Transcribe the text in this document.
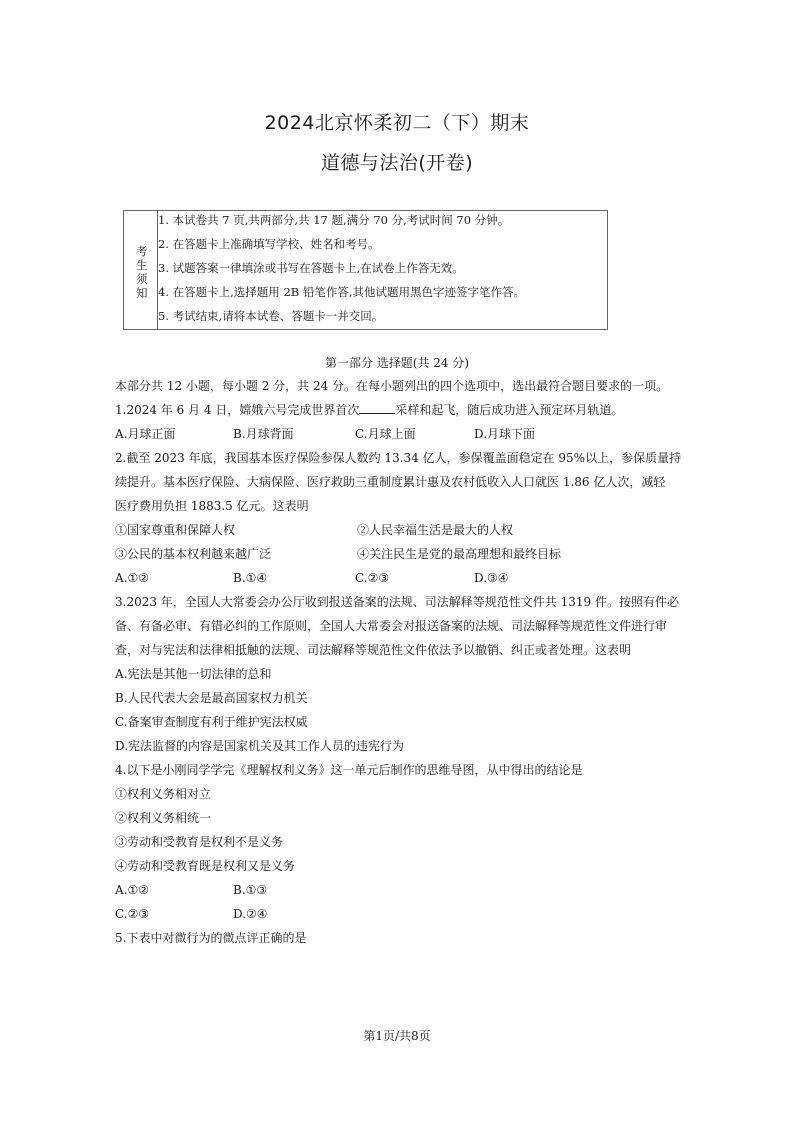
2024北京怀柔初二（下）期末
道德与法治(开卷)
考
生
须
知
1. 本试卷共 7 页,共两部分,共 17 题,满分 70 分,考试时间 70 分钟。
2. 在答题卡上准确填写学校、姓名和考号。
3. 试题答案一律填涂或书写在答题卡上,在试卷上作答无效。
4. 在答题卡上,选择题用 2B 铅笔作答,其他试题用黑色字迹签字笔作答。
5. 考试结束,请将本试卷、答题卡一并交回。
第一部分 选择题(共 24 分)
本部分共 12 小题，每小题 2 分，共 24 分。在每小题列出的四个选项中，选出最符合题目要求的一项。
1.2024 年 6 月 4 日，嫦娥六号完成世界首次	采样和起飞，随后成功进入预定环月轨道。
A.月球正面	B.月球背面	C.月球上面	D.月球下面
2.截至 2023 年底，我国基本医疗保险参保人数约 13.34 亿人，参保覆盖面稳定在 95%以上，参保质量持
续提升。基本医疗保险、大病保险、医疗救助三重制度累计惠及农村低收入人口就医 1.86 亿人次，减轻
医疗费用负担 1883.5 亿元。这表明
①国家尊重和保障人权	②人民幸福生活是最大的人权
③公民的基本权利越来越广泛	④关注民生是党的最高理想和最终目标
A.①②	B.①④	C.②③	D.③④
3.2023 年，全国人大常委会办公厅收到报送备案的法规、司法解释等规范性文件共 1319 件。按照有件必
备、有备必审、有错必纠的工作原则，全国人大常委会对报送备案的法规、司法解释等规范性文件进行审
查，对与宪法和法律相抵触的法规、司法解释等规范性文件依法予以撤销、纠正或者处理。这表明
A.宪法是其他一切法律的总和
B.人民代表大会是最高国家权力机关
C.备案审查制度有利于维护宪法权威
D.宪法监督的内容是国家机关及其工作人员的违宪行为
4.以下是小刚同学学完《理解权利义务》这一单元后制作的思维导图，从中得出的结论是
①权利义务相对立
②权利义务相统一
③劳动和受教育是权利不是义务
④劳动和受教育既是权利又是义务
A.①②	B.①③
C.②③	D.②④
5.下表中对微行为的微点评正确的是
第1页/共8页
